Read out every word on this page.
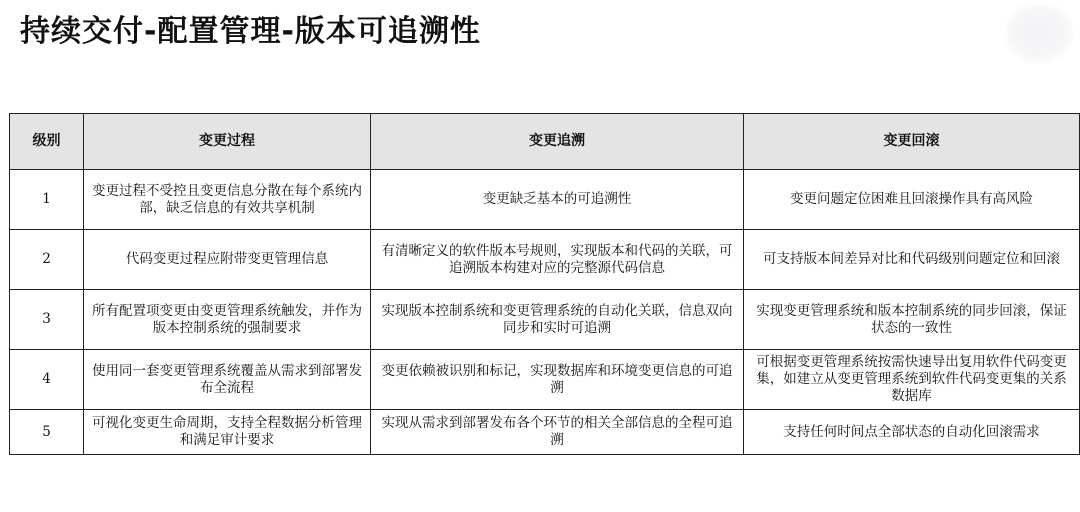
持续交付-配置管理-版本可追溯性
级别	变更过程	变更追溯	变更回滚
1	变更过程不受控且变更信息分散在每个系统内部，缺乏信息的有效共享机制	变更缺乏基本的可追溯性	变更问题定位困难且回滚操作具有高风险
2	代码变更过程应附带变更管理信息	有清晰定义的软件版本号规则，实现版本和代码的关联，可追溯版本构建对应的完整源代码信息	可支持版本间差异对比和代码级别问题定位和回滚
3	所有配置项变更由变更管理系统触发，并作为版本控制系统的强制要求	实现版本控制系统和变更管理系统的自动化关联，信息双向同步和实时可追溯	实现变更管理系统和版本控制系统的同步回滚，保证状态的一致性
4	使用同一套变更管理系统覆盖从需求到部署发布全流程	变更依赖被识别和标记，实现数据库和环境变更信息的可追溯	可根据变更管理系统按需快速导出复用软件代码变更集，如建立从变更管理系统到软件代码变更集的关系数据库
5	可视化变更生命周期，支持全程数据分析管理和满足审计要求	实现从需求到部署发布各个环节的相关全部信息的全程可追溯	支持任何时间点全部状态的自动化回滚需求
